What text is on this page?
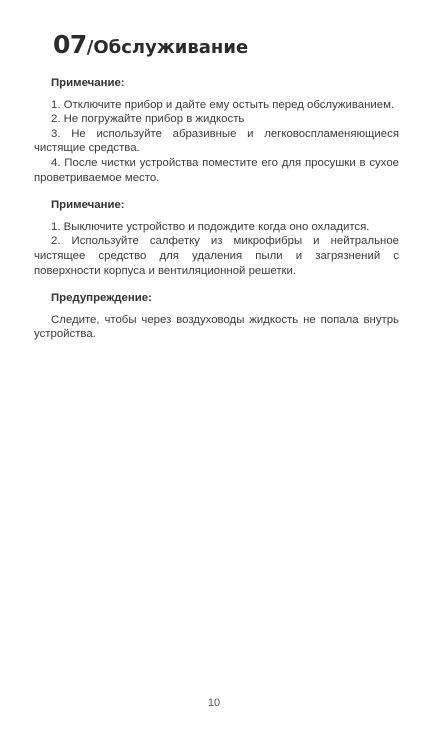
07/Обслуживание
Примечание:

1. Отключите прибор и дайте ему остыть перед обслуживанием.

2. Не погружайте прибор в жидкость

3. Не используйте абразивные и легковоспламеняющиеся чистящие средства.

4. После чистки устройства поместите его для просушки в сухое проветриваемое место.

Примечание:

1. Выключите устройство и подождите когда оно охладится.

2. Используйте салфетку из микрофибры и нейтральное чистящее средство для удаления пыли и загрязнений с поверхности корпуса и вентиляционной решетки.

Предупреждение:

Следите, чтобы через воздуховоды жидкость не попала внутрь устройства.

10
